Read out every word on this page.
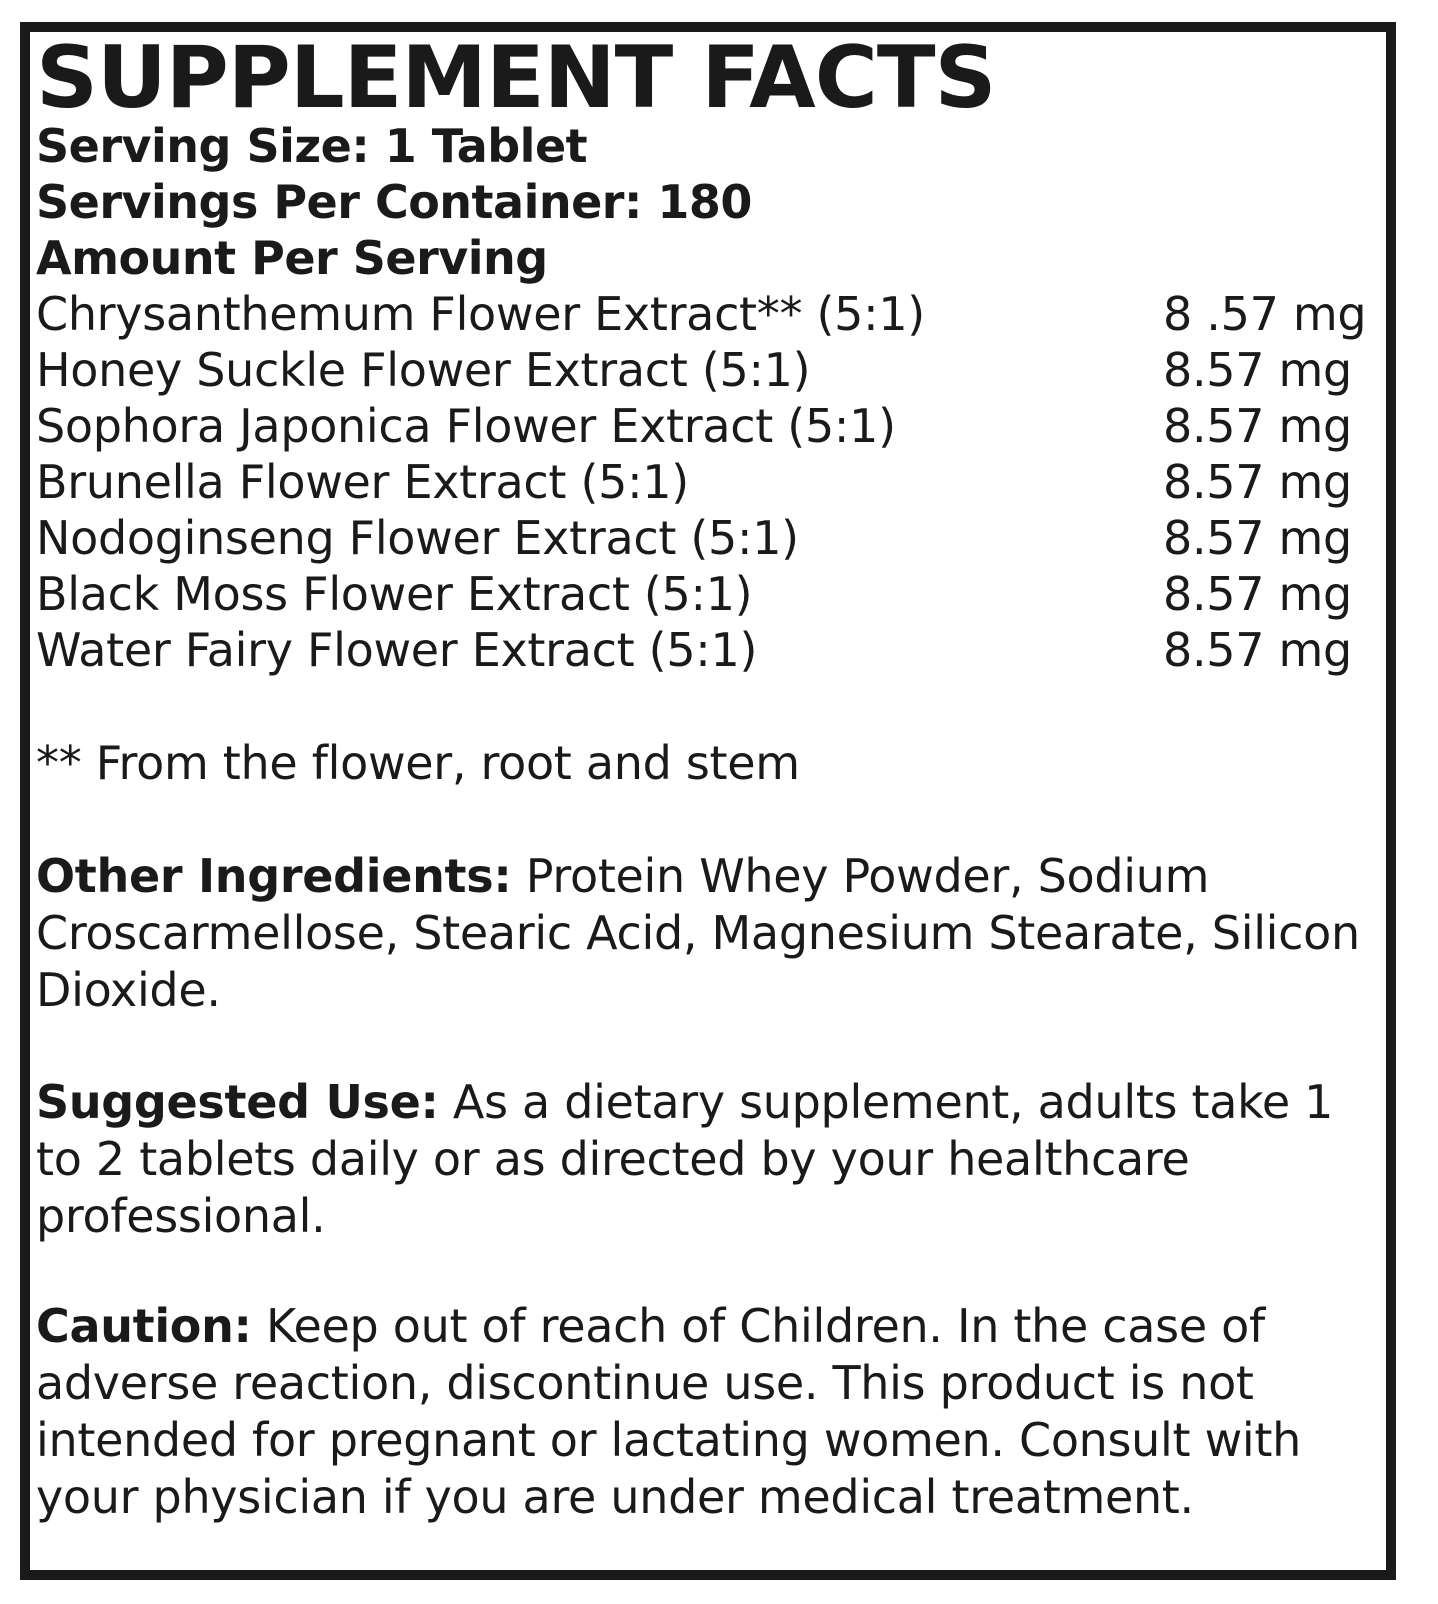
SUPPLEMENT FACTS
Serving Size: 1 Tablet
Servings Per Container: 180
Amount Per Serving
Chrysanthemum Flower Extract** (5:1)	8 .57 mg
Honey Suckle Flower Extract (5:1)	8.57 mg
Sophora Japonica Flower Extract (5:1)	8.57 mg
Brunella Flower Extract (5:1)	8.57 mg
Nodoginseng Flower Extract (5:1)	8.57 mg
Black Moss Flower Extract (5:1)	8.57 mg
Water Fairy Flower Extract (5:1)	8.57 mg
** From the flower, root and stem
Other Ingredients: Protein Whey Powder, Sodium Croscarmellose, Stearic Acid, Magnesium Stearate, Silicon Dioxide.
Suggested Use: As a dietary supplement, adults take 1 to 2 tablets daily or as directed by your healthcare professional.
Caution: Keep out of reach of Children. In the case of adverse reaction, discontinue use. This product is not intended for pregnant or lactating women. Consult with your physician if you are under medical treatment.
